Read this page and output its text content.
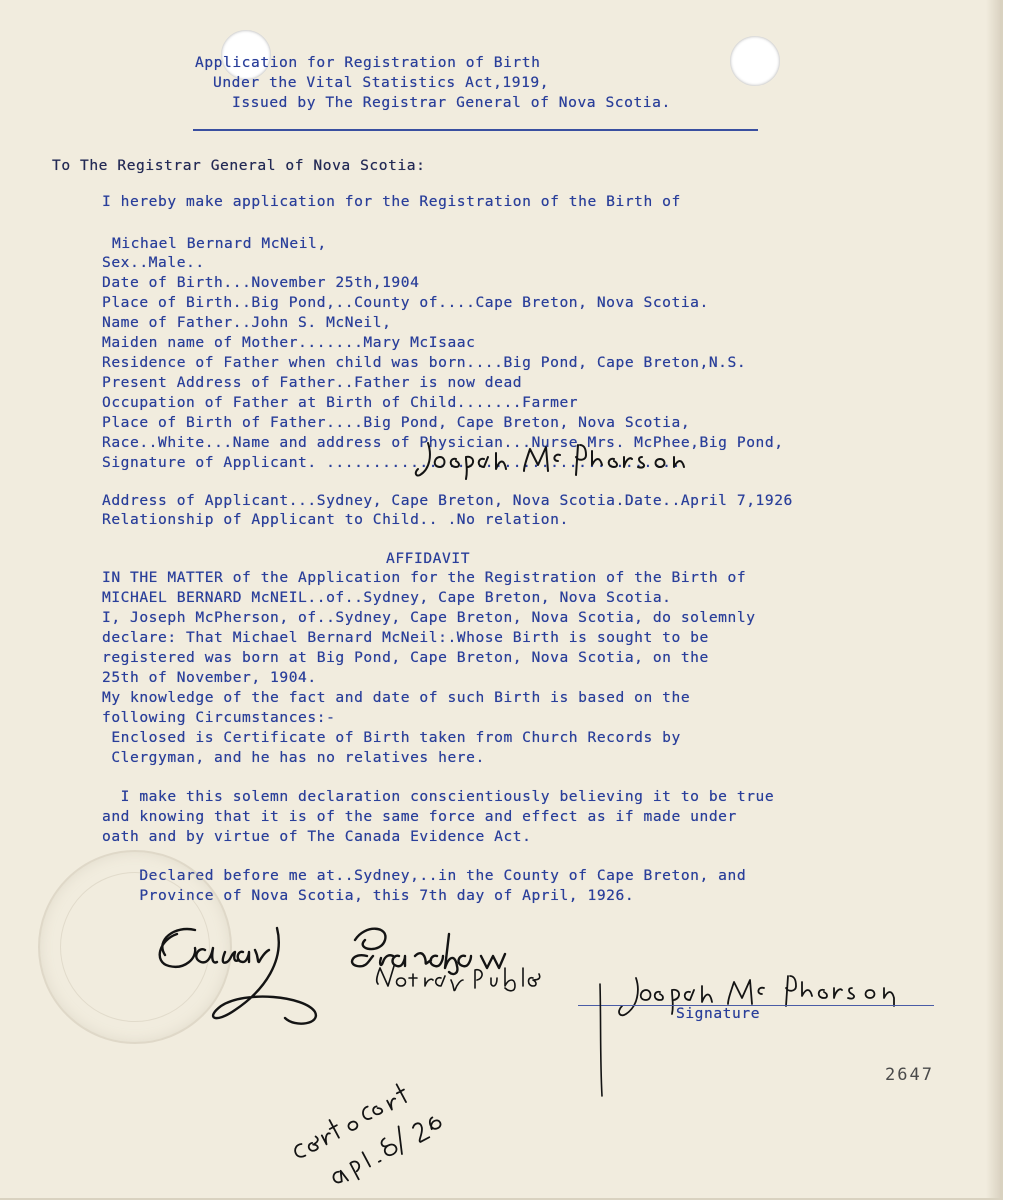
Application for Registration of Birth
Under the Vital Statistics Act,1919,
Issued by The Registrar General of Nova Scotia.
To The Registrar General of Nova Scotia:
I hereby make application for the Registration of the Birth of
Michael Bernard McNeil,
Sex..Male..
Date of Birth...November 25th,1904
Place of Birth..Big Pond,..County of....Cape Breton, Nova Scotia.
Name of Father..John S. McNeil,
Maiden name of Mother.......Mary McIsaac
Residence of Father when child was born....Big Pond, Cape Breton,N.S.
Present Address of Father..Father is now dead
Occupation of Father at Birth of Child.......Farmer
Place of Birth of Father....Big Pond, Cape Breton, Nova Scotia,
Race..White...Name and address of Physician...Nurse Mrs. McPhee,Big Pond,
Signature of Applicant. ......................................
Address of Applicant...Sydney, Cape Breton, Nova Scotia.Date..April 7,1926
Relationship of Applicant to Child.. .No relation.
AFFIDAVIT
IN THE MATTER of the Application for the Registration of the Birth of
MICHAEL BERNARD McNEIL..of..Sydney, Cape Breton, Nova Scotia.
I, Joseph McPherson, of..Sydney, Cape Breton, Nova Scotia, do solemnly
declare: That Michael Bernard McNeil:.Whose Birth is sought to be
registered was born at Big Pond, Cape Breton, Nova Scotia, on the
25th of November, 1904.
My knowledge of the fact and date of such Birth is based on the
following Circumstances:-
Enclosed is Certificate of Birth taken from Church Records by
Clergyman, and he has no relatives here.
I make this solemn declaration conscientiously believing it to be true
and knowing that it is of the same force and effect as if made under
oath and by virtue of The Canada Evidence Act.
Declared before me at..Sydney,..in the County of Cape Breton, and
Province of Nova Scotia, this 7th day of April, 1926.
Signature
2647
